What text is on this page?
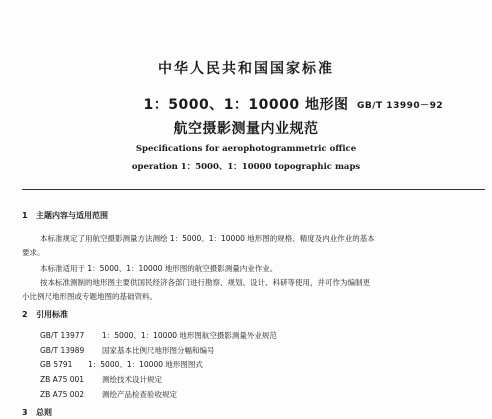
中华人民共和国国家标准
1：5000、1：10000 地形图 GB/T 13990－92
航空摄影测量内业规范
Specifications for aerophotogrammetric office
operation 1：5000、1：10000 topographic maps
1 主题内容与适用范围
本标准规定了用航空摄影测量方法测绘 1：5000、1：10000 地形图的规格、精度及内业作业的基本
要求。
本标准适用于 1：5000、1：10000 地形图的航空摄影测量内业作业。
按本标准测制的地形图主要供国民经济各部门进行勘察、规划、设计、科研等使用，并可作为编制更
小比例尺地形图或专题地图的基础资料。
2 引用标准
GB/T 13977 1：5000、1：10000 地形图航空摄影测量外业规范
GB/T 13989 国家基本比例尺地形图分幅和编号
GB 5791 1：5000、1：10000 地形图图式
ZB A75 001 测绘技术设计规定
ZB A75 002 测绘产品检查验收规定
3 总则
